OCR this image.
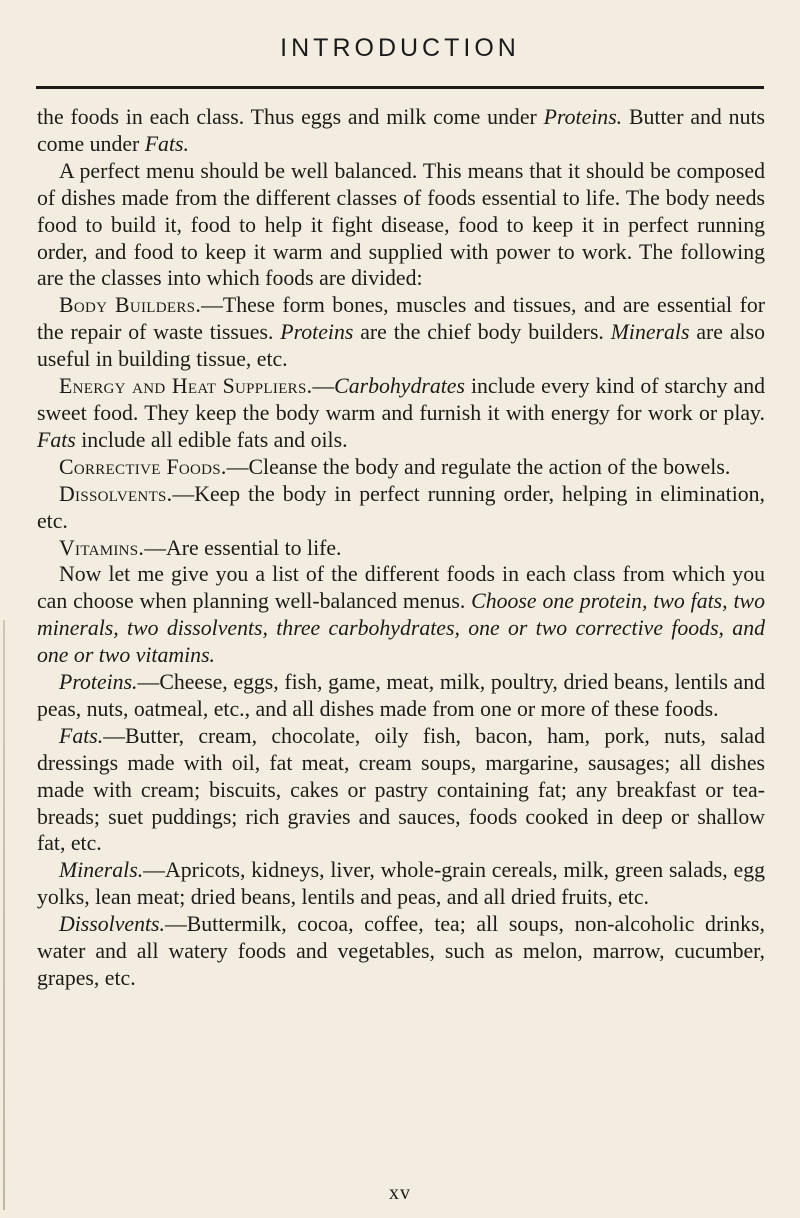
INTRODUCTION

the foods in each class. Thus eggs and milk come under Proteins. Butter and nuts come under Fats.

A perfect menu should be well balanced. This means that it should be composed of dishes made from the different classes of foods essential to life. The body needs food to build it, food to help it fight disease, food to keep it in perfect running order, and food to keep it warm and supplied with power to work. The following are the classes into which foods are divided:

Body Builders.—These form bones, muscles and tissues, and are essential for the repair of waste tissues. Proteins are the chief body builders. Minerals are also useful in building tissue, etc.

Energy and Heat Suppliers.—Carbohydrates include every kind of starchy and sweet food. They keep the body warm and furnish it with energy for work or play. Fats include all edible fats and oils.

Corrective Foods.—Cleanse the body and regulate the action of the bowels.

Dissolvents.—Keep the body in perfect running order, helping in elimination, etc.

Vitamins.—Are essential to life.

Now let me give you a list of the different foods in each class from which you can choose when planning well-balanced menus. Choose one protein, two fats, two minerals, two dissolvents, three carbohydrates, one or two corrective foods, and one or two vitamins.

Proteins.—Cheese, eggs, fish, game, meat, milk, poultry, dried beans, lentils and peas, nuts, oatmeal, etc., and all dishes made from one or more of these foods.

Fats.—Butter, cream, chocolate, oily fish, bacon, ham, pork, nuts, salad dressings made with oil, fat meat, cream soups, margarine, sausages; all dishes made with cream; biscuits, cakes or pastry containing fat; any breakfast or tea-breads; suet puddings; rich gravies and sauces, foods cooked in deep or shallow fat, etc.

Minerals.—Apricots, kidneys, liver, whole-grain cereals, milk, green salads, egg yolks, lean meat; dried beans, lentils and peas, and all dried fruits, etc.

Dissolvents.—Buttermilk, cocoa, coffee, tea; all soups, non-alcoholic drinks, water and all watery foods and vegetables, such as melon, marrow, cucumber, grapes, etc.

xv
